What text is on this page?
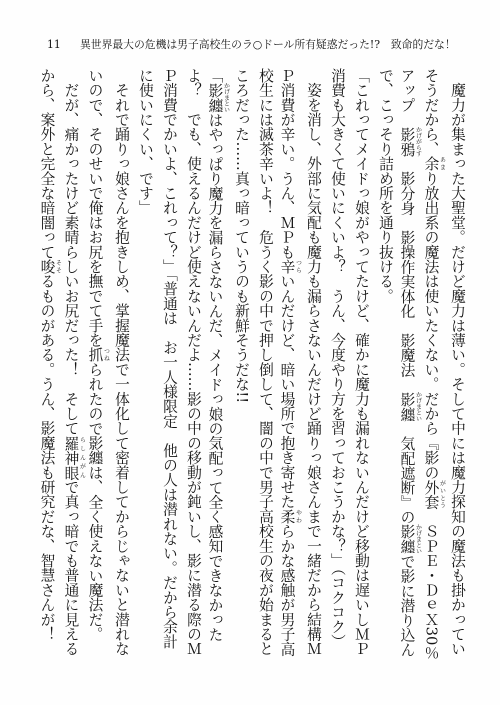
11 異世界最大の危機は男子高校生のラ○ドール所有疑惑だった!?　致命的だな！
　魔力が集まった大聖堂。だけど魔力は薄い。そして中には魔力探知の魔法も掛かってい
そうだから、余 あまり放出系の魔法は使いたくない。だから『影の外套 がいとう　ＳＰＥ・ＤｅＸ30％
アップ　影鴉 かげがらす　影分身　影操作実体化　影魔法　影纏 かげまとい　気配遮断』の影纏 かげまといで影に潜り込ん
で、こっそり詰め所を通り抜ける。
「これってメイドっ娘がやってたけど、確かに魔力も漏れないんだけど移動は遅いしＭＰ
消費も大きくて使いにくいよ？　うん、今度やり方を習っておこうかな？」（コクコク）
　姿を消し、外部に気配も魔力も漏らさないんだけど踊りっ娘さんまで一緒だから結構Ｍ
Ｐ消費が辛い。うん、ＭＰも辛 つらいんだけど、暗い場所で抱き寄せた柔 やわらかな感触が男子高
校生には滅茶辛いよ！　危うく影の中で押し倒して、闇の中で男子高校生の夜が始まると
ころだった……真っ暗っていうのも新鮮そうだな!!
「影纏 かげまといはやっぱり魔力を漏らさないんだ、メイドっ娘の気配って全く感知できなかった
よ？　でも、使えるんだけど使えないんだよ……影の中の移動が鈍いし、影に潜る際のＭ
Ｐ消費でかいよ、これって？」「普通は　お一人様限定　他の人は潜れない。だから余計
に使いにくい、です」
　それで踊りっ娘さんを抱きしめ、掌握魔法で一体化して密着してからじゃないと潜れな
いので、そのせいで俺はお尻を撫でて手を抓 つねられたので影纏は、全く使えない魔法だ。
　だが、痛かったけど素晴らしいお尻だった！　そして羅神眼 らしんがんで真っ暗でも普通に見える
から、案外と完全な暗闇って唆 そそるものがある。うん、影魔法も研究だな、智慧さんが！
